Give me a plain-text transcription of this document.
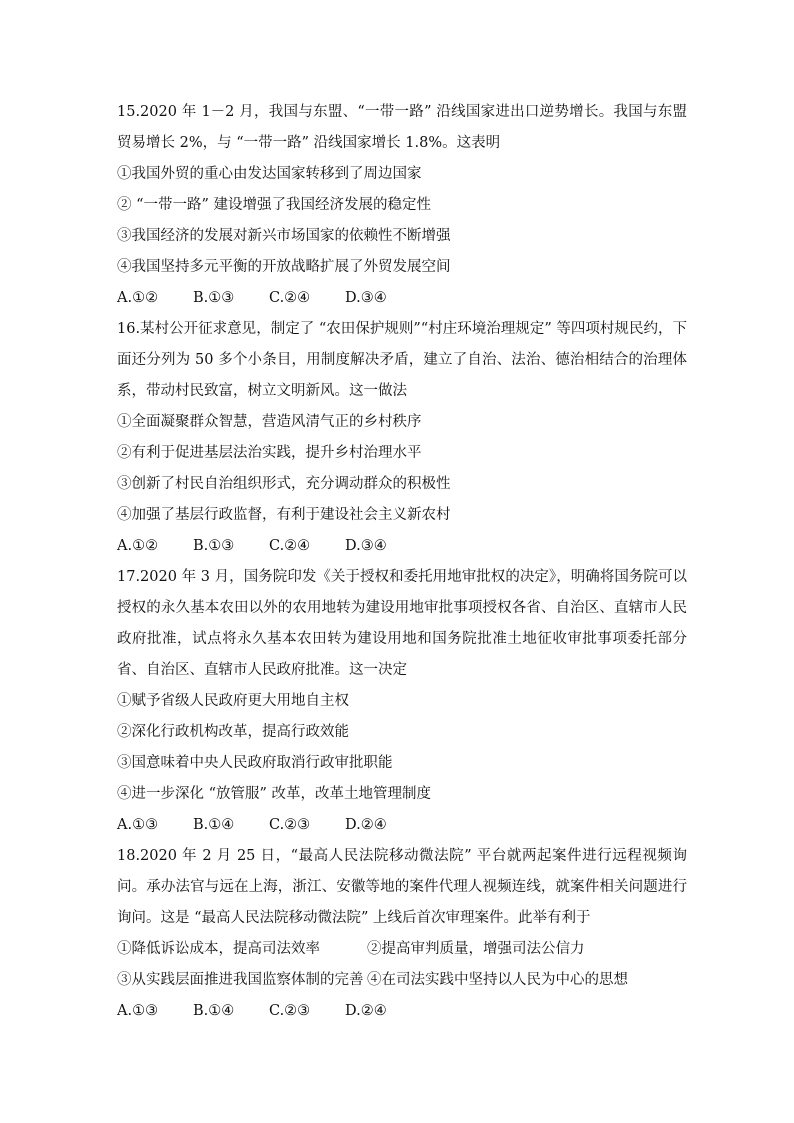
15.2020 年 1－2 月，我国与东盟、“一带一路” 沿线国家进出口逆势增长。我国与东盟贸易增长 2%，与 “一带一路” 沿线国家增长 1.8%。这表明
①我国外贸的重心由发达国家转移到了周边国家
② “一带一路” 建设增强了我国经济发展的稳定性
③我国经济的发展对新兴市场国家的依赖性不断增强
④我国坚持多元平衡的开放战略扩展了外贸发展空间
A.①②	B.①③	C.②④	D.③④
16.某村公开征求意见，制定了 “农田保护规则”“村庄环境治理规定” 等四项村规民约，下面还分列为 50 多个小条目，用制度解决矛盾，建立了自治、法治、德治相结合的治理体系，带动村民致富，树立文明新风。这一做法
①全面凝聚群众智慧，营造风清气正的乡村秩序
②有利于促进基层法治实践，提升乡村治理水平
③创新了村民自治组织形式，充分调动群众的积极性
④加强了基层行政监督，有利于建设社会主义新农村
A.①②	B.①③	C.②④	D.③④
17.2020 年 3 月，国务院印发《关于授权和委托用地审批权的决定》，明确将国务院可以授权的永久基本农田以外的农用地转为建设用地审批事项授权各省、自治区、直辖市人民政府批准，试点将永久基本农田转为建设用地和国务院批准土地征收审批事项委托部分省、自治区、直辖市人民政府批准。这一决定
①赋予省级人民政府更大用地自主权
②深化行政机构改革，提高行政效能
③国意味着中央人民政府取消行政审批职能
④进一步深化 “放管服” 改革，改革土地管理制度
A.①③	B.①④	C.②③	D.②④
18.2020 年 2 月 25 日，“最高人民法院移动微法院” 平台就两起案件进行远程视频询问。承办法官与远在上海，浙江、安徽等地的案件代理人视频连线，就案件相关问题进行询问。这是 “最高人民法院移动微法院” 上线后首次审理案件。此举有利于
①降低诉讼成本，提高司法效率	②提高审判质量，增强司法公信力
③从实践层面推进我国监察体制的完善 ④在司法实践中坚持以人民为中心的思想
A.①③	B.①④	C.②③	D.②④
